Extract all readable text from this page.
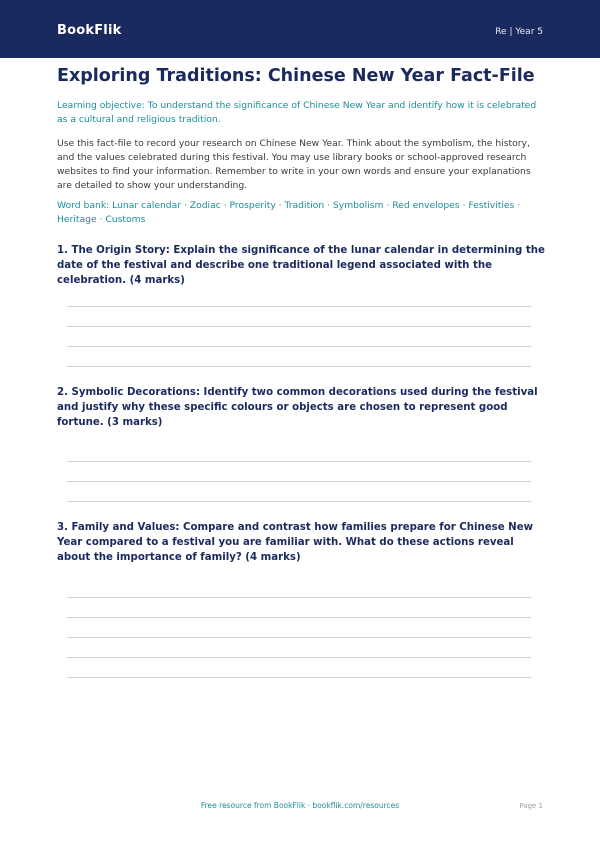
BookFlik	Re | Year 5
Exploring Traditions: Chinese New Year Fact-File
Learning objective: To understand the significance of Chinese New Year and identify how it is celebrated as a cultural and religious tradition.
Use this fact-file to record your research on Chinese New Year. Think about the symbolism, the history, and the values celebrated during this festival. You may use library books or school-approved research websites to find your information. Remember to write in your own words and ensure your explanations are detailed to show your understanding.
Word bank: Lunar calendar · Zodiac · Prosperity · Tradition · Symbolism · Red envelopes · Festivities · Heritage · Customs
1. The Origin Story: Explain the significance of the lunar calendar in determining the date of the festival and describe one traditional legend associated with the celebration. (4 marks)
2. Symbolic Decorations: Identify two common decorations used during the festival and justify why these specific colours or objects are chosen to represent good fortune. (3 marks)
3. Family and Values: Compare and contrast how families prepare for Chinese New Year compared to a festival you are familiar with. What do these actions reveal about the importance of family? (4 marks)
Free resource from BookFlik · bookflik.com/resources	Page 1
